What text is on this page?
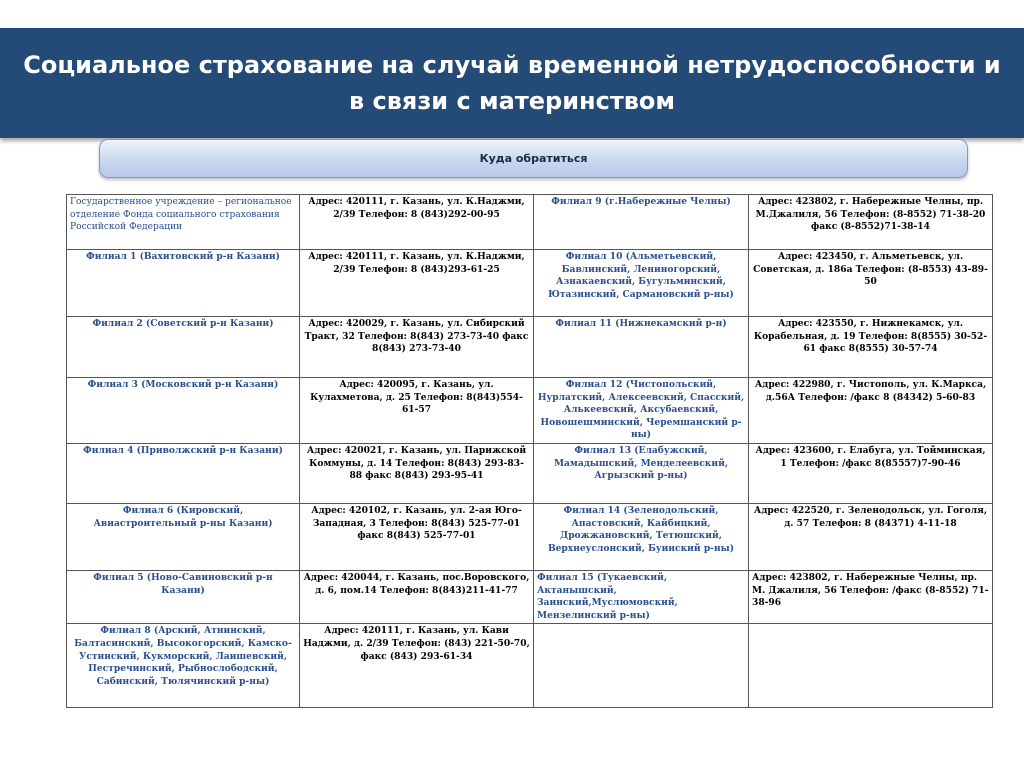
Социальное страхование на случай временной нетрудоспособности и в связи с материнством
Куда обратиться
Государственное учреждение – региональное отделение Фонда социального страхования Российской Федерации	Адрес: 420111, г. Казань, ул. К.Наджми, 2/39 Телефон: 8 (843)292-00-95	Филиал 9 (г.Набережные Челны)	Адрес: 423802, г. Набережные Челны, пр. М.Джалиля, 56 Телефон: (8-8552) 71-38-20 факс (8-8552)71-38-14
Филиал 1 (Вахитовский р-н Казани)	Адрес: 420111, г. Казань, ул. К.Наджми, 2/39 Телефон: 8 (843)293-61-25	Филиал 10 (Альметьевский, Бавлинский, Лениногорский, Азнакаевский, Бугульминский, Ютазинский, Сармановский р-ны)	Адрес: 423450, г. Альметьевск, ул. Советская, д. 186а Телефон: (8-8553) 43-89-50
Филиал 2 (Советский р-н Казани)	Адрес: 420029, г. Казань, ул. Сибирский Тракт, 32 Телефон: 8(843) 273-73-40 факс 8(843) 273-73-40	Филиал 11 (Нижнекамский р-н)	Адрес: 423550, г. Нижнекамск, ул. Корабельная, д. 19 Телефон: 8(8555) 30-52-61 факс 8(8555) 30-57-74
Филиал 3 (Московский р-н Казани)	Адрес: 420095, г. Казань, ул. Кулахметова, д. 25 Телефон: 8(843)554-61-57	Филиал 12 (Чистопольский, Нурлатский, Алексеевский, Спасский, Алькеевский, Аксубаевский, Новошешминский, Черемшанский р-ны)	Адрес: 422980, г. Чистополь, ул. К.Маркса, д.56А Телефон: /факс 8 (84342) 5-60-83
Филиал 4 (Приволжский р-н Казани)	Адрес: 420021, г. Казань, ул. Парижской Коммуны, д. 14 Телефон: 8(843) 293-83-88 факс 8(843) 293-95-41	Филиал 13 (Елабужский, Мамадышский, Менделеевский, Агрызский р-ны)	Адрес: 423600, г. Елабуга, ул. Тойминская, 1 Телефон: /факс 8(85557)7-90-46
Филиал 6 (Кировский, Авиастроительный р-ны Казани)	Адрес: 420102, г. Казань, ул. 2-ая Юго-Западная, 3 Телефон: 8(843) 525-77-01 факс 8(843) 525-77-01	Филиал 14 (Зеленодольский, Апастовский, Кайбицкий, Дрожжановский, Тетюшский, Верхнеуслонский, Буинский р-ны)	Адрес: 422520, г. Зеленодольск, ул. Гоголя, д. 57 Телефон: 8 (84371) 4-11-18
Филиал 5 (Ново-Савиновский р-н Казани)	Адрес: 420044, г. Казань, пос.Воровского, д. 6, пом.14 Телефон: 8(843)211-41-77	Филиал 15 (Тукаевский, Актанышский, Заинский,Муслюмовский, Мензелинский р-ны)	Адрес: 423802, г. Набережные Челны, пр. М. Джалиля, 56 Телефон: /факс (8-8552) 71-38-96
Филиал 8 (Арский, Атнинский, Балтасинский, Высокогорский, Камско-Устинский, Кукморский, Лаишевский, Пестречинский, Рыбнослободский, Сабинский, Тюлячинский р-ны)	Адрес: 420111, г. Казань, ул. Кави Наджми, д. 2/39 Телефон: (843) 221-50-70, факс (843) 293-61-34		
